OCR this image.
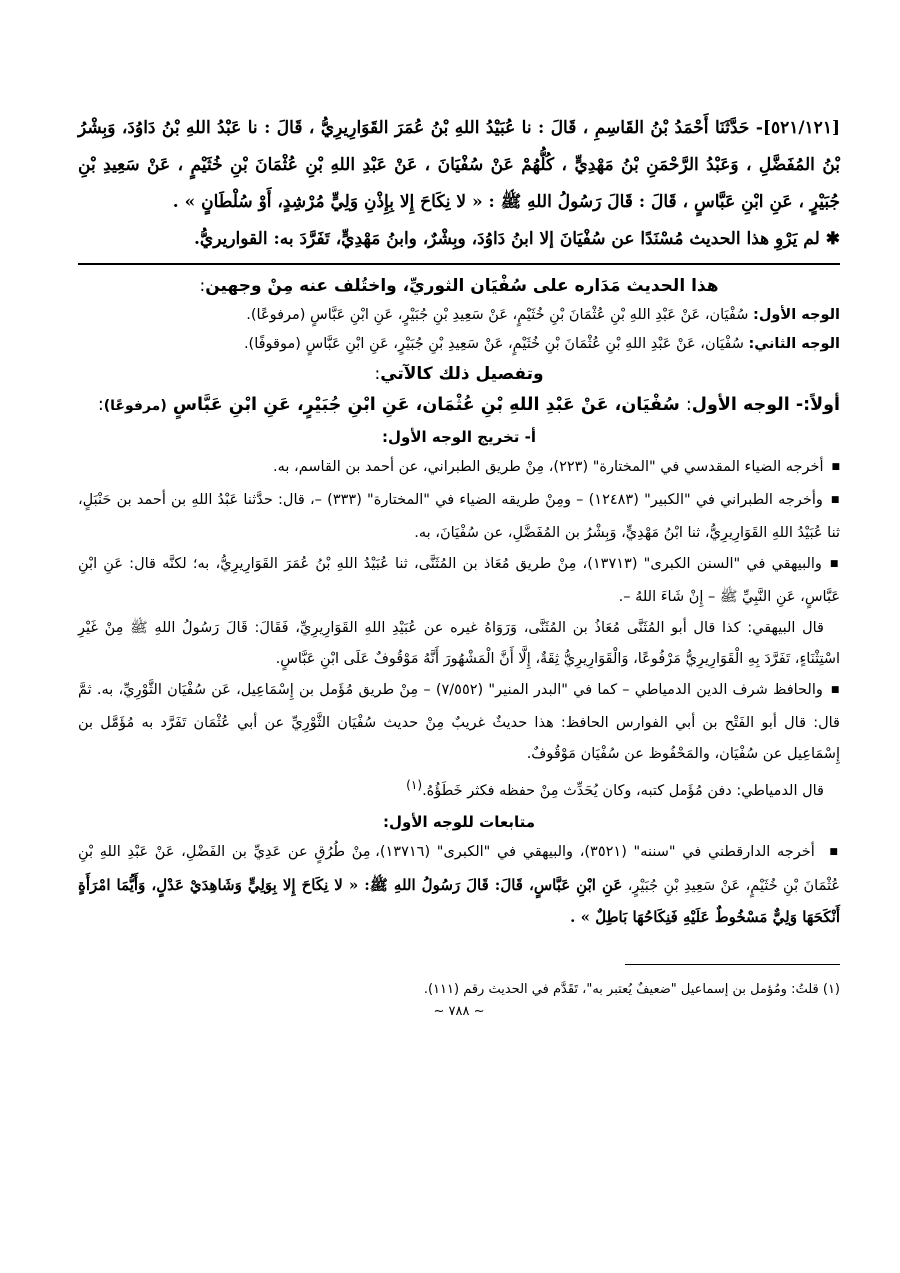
[٥٢١/١٢١]- حَدَّثَنَا أَحْمَدُ بْنُ القَاسِمِ ، قَالَ : نا عُبَيْدُ اللهِ بْنُ عُمَرَ القَوَارِيرِيُّ ، قَالَ : نا عَبْدُ اللهِ بْنُ دَاوُدَ، وَبِشْرُ بْنُ المُفَضَّلِ ، وَعَبْدُ الرَّحْمَنِ بْنُ مَهْدِيٍّ ، كُلُّهُمْ عَنْ سُفْيَانَ ، عَنْ عَبْدِ اللهِ بْنِ عُثْمَانَ بْنِ خُثَيْمٍ ، عَنْ سَعِيدِ بْنِ جُبَيْرٍ ، عَنِ ابْنِ عَبَّاسٍ ، قَالَ : قَالَ رَسُولُ اللهِ ﷺ : « لا نِكَاحَ إِلا بِإِذْنِ وَلِيٍّ مُرْشِدٍ، أَوْ سُلْطَانٍ » .

✱لم يَرْوِ هذا الحديث مُسْنَدًا عن سُفْيَانَ إلا ابنُ دَاوُدَ، وبِشْرٌ، وابنُ مَهْدِيٍّ، تَفَرَّدَ به: القواريريُّ.

هذا الحديث مَدَاره على سُفْيَان الثوريِّ، واختُلف عنه مِنْ وجهين:

الوجه الأول: سُفْيَان، عَنْ عَبْدِ اللهِ بْنِ عُثْمَانَ بْنِ خُثَيْمٍ، عَنْ سَعِيدِ بْنِ جُبَيْرٍ، عَنِ ابْنِ عَبَّاسٍ (مرفوعًا).

الوجه الثاني: سُفْيَان، عَنْ عَبْدِ اللهِ بْنِ عُثْمَانَ بْنِ خُثَيْمٍ، عَنْ سَعِيدِ بْنِ جُبَيْرٍ، عَنِ ابْنِ عَبَّاسٍ (موقوفًا).

وتفصيل ذلك كالآتي:

أولاً:- الوجه الأول: سُفْيَان، عَنْ عَبْدِ اللهِ بْنِ عُثْمَان، عَنِ ابْنِ جُبَيْرٍ، عَنِ ابْنِ عَبَّاسٍ (مرفوعًا):

أ- تخريج الوجه الأول:

■ أخرجه الضياء المقدسي في "المختارة" (٢٢٣)، مِنْ طريق الطبراني، عن أحمد بن القاسم، به.

■ وأخرجه الطبراني في "الكبير" (١٢٤٨٣) – ومِنْ طريقه الضياء في "المختارة" (٣٣٣) –، قال: حدَّثنا عَبْدُ اللهِ بن أحمد بن حَنْبَلٍ، ثنا عُبَيْدُ اللهِ القَوَارِيرِيُّ، ثنا ابْنُ مَهْدِيٍّ، وَبِشْرُ بن المُفَضَّلِ، عن سُفْيَانَ، به.

■ والبيهقي في "السنن الكبرى" (١٣٧١٣)، مِنْ طريق مُعَاذ بن المُثَنَّى، ثنا عُبَيْدُ اللهِ بْنُ عُمَرَ القَوَارِيرِيُّ، به؛ لكنَّه قال: عَنِ ابْنِ عَبَّاسٍ، عَنِ النَّبِيِّ ﷺ – إِنْ شَاءَ اللهُ –.

قال البيهقي: كذا قال أبو المُثَنَّى مُعَاذُ بن المُثَنَّى، وَرَوَاهُ غيره عن عُبَيْدِ اللهِ القَوَارِيرِيِّ، فَقَالَ: قَالَ رَسُولُ اللهِ ﷺ مِنْ غَيْرِ اسْتِثْنَاءٍ، تَفَرَّدَ بِهِ الْقَوَارِيرِيُّ مَرْفُوعًا، وَالْقَوَارِيرِيُّ ثِقَةٌ، إِلَّا أَنَّ الْمَشْهُورَ أَنَّهُ مَوْقُوفٌ عَلَى ابْنِ عَبَّاسٍ.

■ والحافظ شرف الدين الدمياطي – كما في "البدر المنير" (٧/٥٥٢) – مِنْ طريق مُؤَمل بن إِسْمَاعِيل، عَن سُفْيَان الثَّوْرِيِّ، به. ثمَّ قال: قال أبو الفَتْح بن أبي الفوارس الحافظ: هذا حديثٌ غريبٌ مِنْ حديث سُفْيَان الثَّوْرِيِّ عن أبي عُثْمَان تَفَرَّد به مُؤَمَّل بن إِسْمَاعِيل عن سُفْيَان، والمَحْفُوظ عن سُفْيَان مَوْقُوفٌ.

قال الدمياطي: دفن مُؤَمل كتبه، وكان يُحَدِّث مِنْ حفظه فكثر خَطَؤُهُ.$^{(١)}$

متابعات للوجه الأول:

■ أخرجه الدارقطني في "سننه" (٣٥٢١)، والبيهقي في "الكبرى" (١٣٧١٦)، مِنْ طُرُقٍ عن عَدِيِّ بن الفَضْلِ، عَنْ عَبْدِ اللهِ بْنِ عُثْمَانَ بْنِ خُثَيْمٍ، عَنْ سَعِيدِ بْنِ جُبَيْرٍ، عَنِ ابْنِ عَبَّاسٍ، قَالَ: قَالَ رَسُولُ اللهِ ﷺ: « لا نِكَاحَ إِلا بِوَلِيٍّ وَشَاهِدَيْ عَدْلٍ، وَأَيُّمَا امْرَأَةٍ أَنْكَحَهَا وَلِيٌّ مَسْخُوطٌ عَلَيْهِ فَنِكَاحُهَا بَاطِلٌ » .

(١) قلتُ: ومُؤمل بن إسماعيل "ضعيفٌ يُعتبر به"، تَقَدَّم في الحديث رقم (١١١).

~ ٧٨٨ ~
